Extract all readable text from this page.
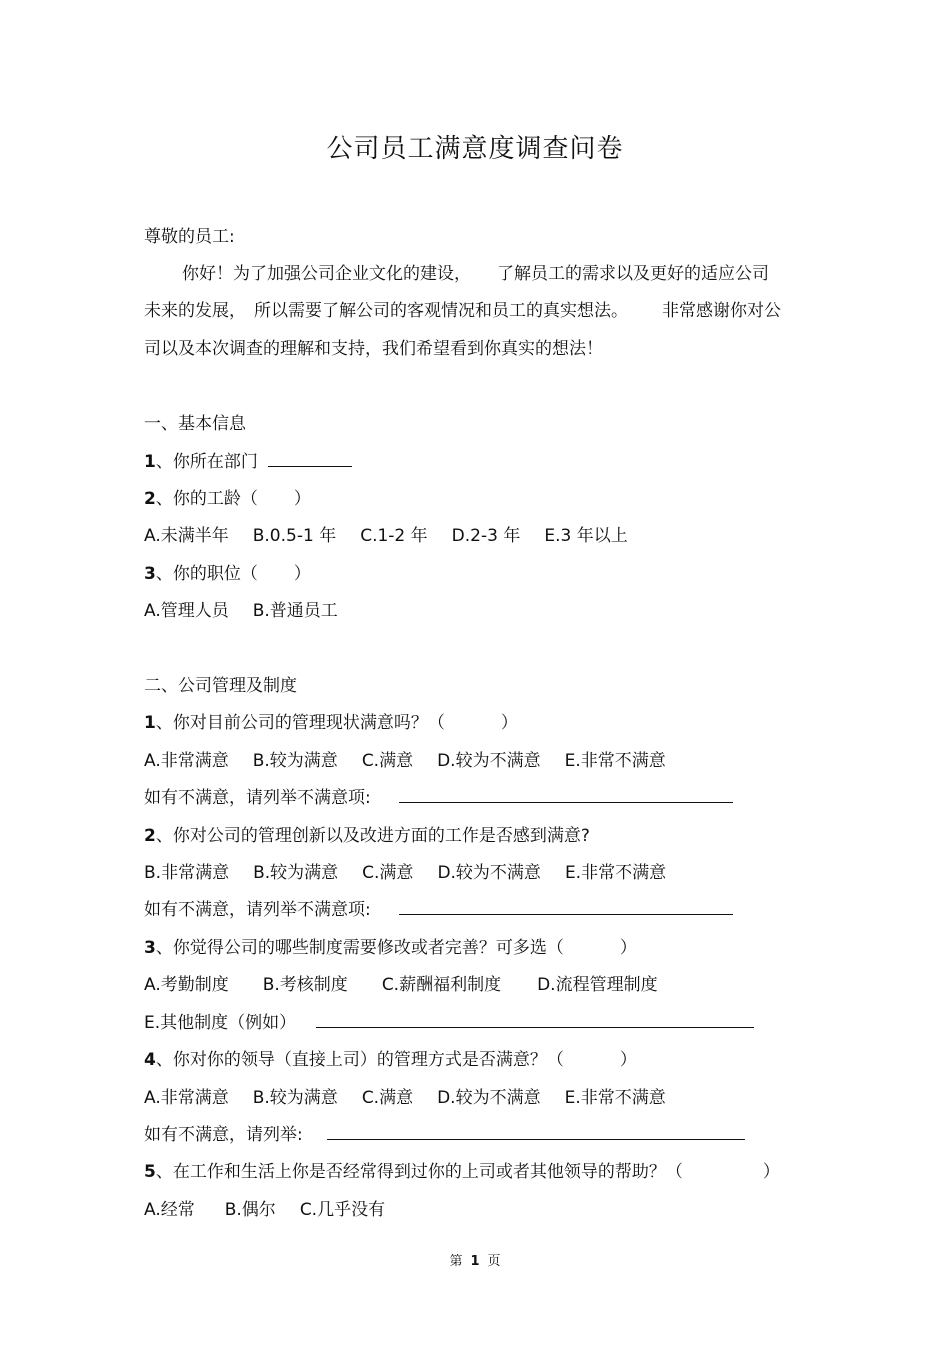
公司员工满意度调查问卷
尊敬的员工:
你好！为了加强公司企业文化的建设， 了解员工的需求以及更好的适应公司
未来的发展， 所以需要了解公司的客观情况和员工的真实想法。 非常感谢你对公
司以及本次调查的理解和支持，我们希望看到你真实的想法！
一、基本信息
1、你所在部门
2、你的工龄（ ）
A.未满半年 B.0.5-1 年 C.1-2 年 D.2-3 年 E.3 年以上
3、你的职位（ ）
A.管理人员 B.普通员工
二、公司管理及制度
1、你对目前公司的管理现状满意吗？（	）
A.非常满意 B.较为满意 C.满意 D.较为不满意 E.非常不满意
如有不满意，请列举不满意项:
2、你对公司的管理创新以及改进方面的工作是否感到满意?
B.非常满意 B.较为满意 C.满意 D.较为不满意 E.非常不满意
如有不满意，请列举不满意项:
3、你觉得公司的哪些制度需要修改或者完善？可多选（	）
A.考勤制度 B.考核制度 C.薪酬福利制度 D.流程管理制度
E.其他制度（例如）
4、你对你的领导（直接上司）的管理方式是否满意？（	）
A.非常满意 B.较为满意 C.满意 D.较为不满意 E.非常不满意
如有不满意，请列举:
5、在工作和生活上你是否经常得到过你的上司或者其他领导的帮助？（	）
A.经常 B.偶尔 C.几乎没有
第 1 页
